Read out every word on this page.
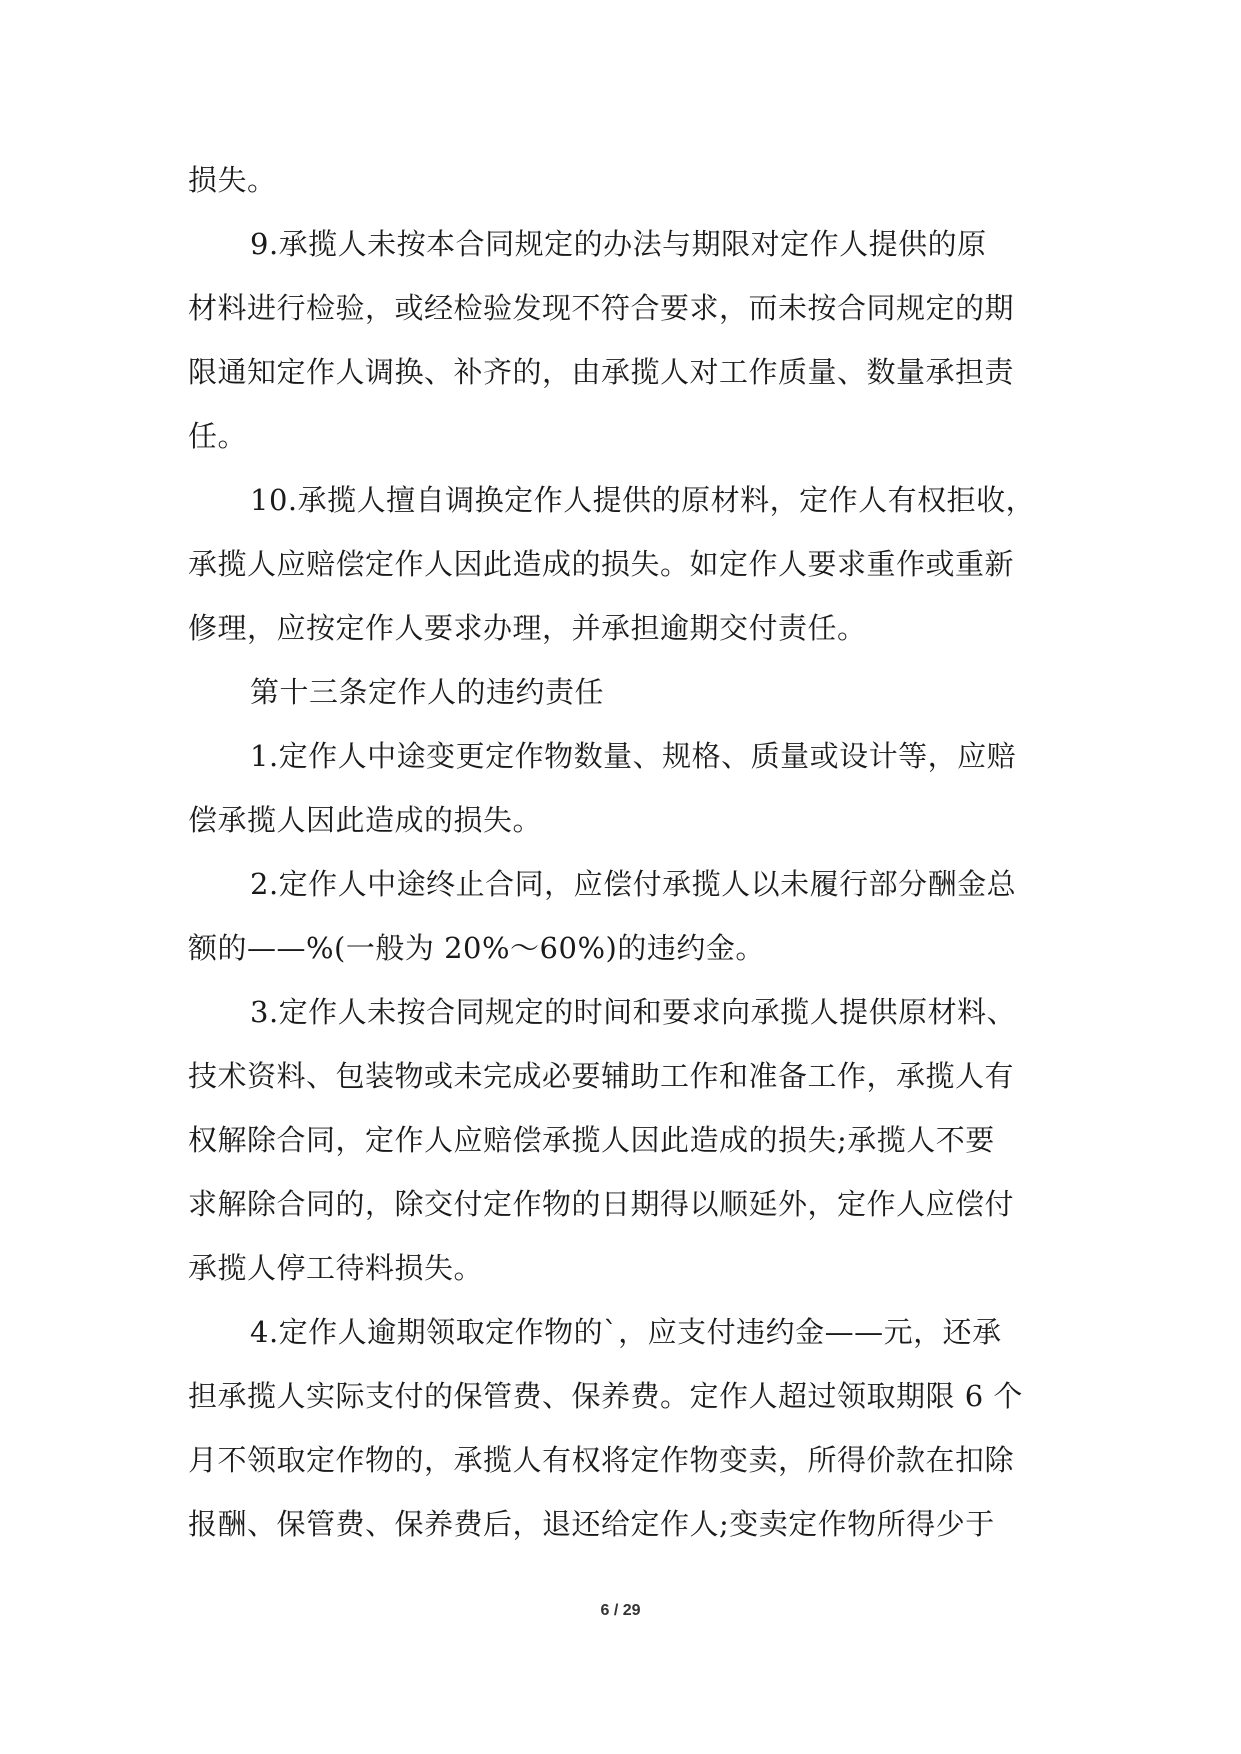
损失。
9.承揽人未按本合同规定的办法与期限对定作人提供的原
材料进行检验，或经检验发现不符合要求，而未按合同规定的期
限通知定作人调换、补齐的，由承揽人对工作质量、数量承担责
任。
10.承揽人擅自调换定作人提供的原材料，定作人有权拒收，
承揽人应赔偿定作人因此造成的损失。如定作人要求重作或重新
修理，应按定作人要求办理，并承担逾期交付责任。
第十三条定作人的违约责任
1.定作人中途变更定作物数量、规格、质量或设计等，应赔
偿承揽人因此造成的损失。
2.定作人中途终止合同，应偿付承揽人以未履行部分酬金总
额的——%(一般为 20%～60%)的违约金。
3.定作人未按合同规定的时间和要求向承揽人提供原材料、
技术资料、包装物或未完成必要辅助工作和准备工作，承揽人有
权解除合同，定作人应赔偿承揽人因此造成的损失;承揽人不要
求解除合同的，除交付定作物的日期得以顺延外，定作人应偿付
承揽人停工待料损失。
4.定作人逾期领取定作物的`，应支付违约金——元，还承
担承揽人实际支付的保管费、保养费。定作人超过领取期限 6 个
月不领取定作物的，承揽人有权将定作物变卖，所得价款在扣除
报酬、保管费、保养费后，退还给定作人;变卖定作物所得少于
6 / 29
